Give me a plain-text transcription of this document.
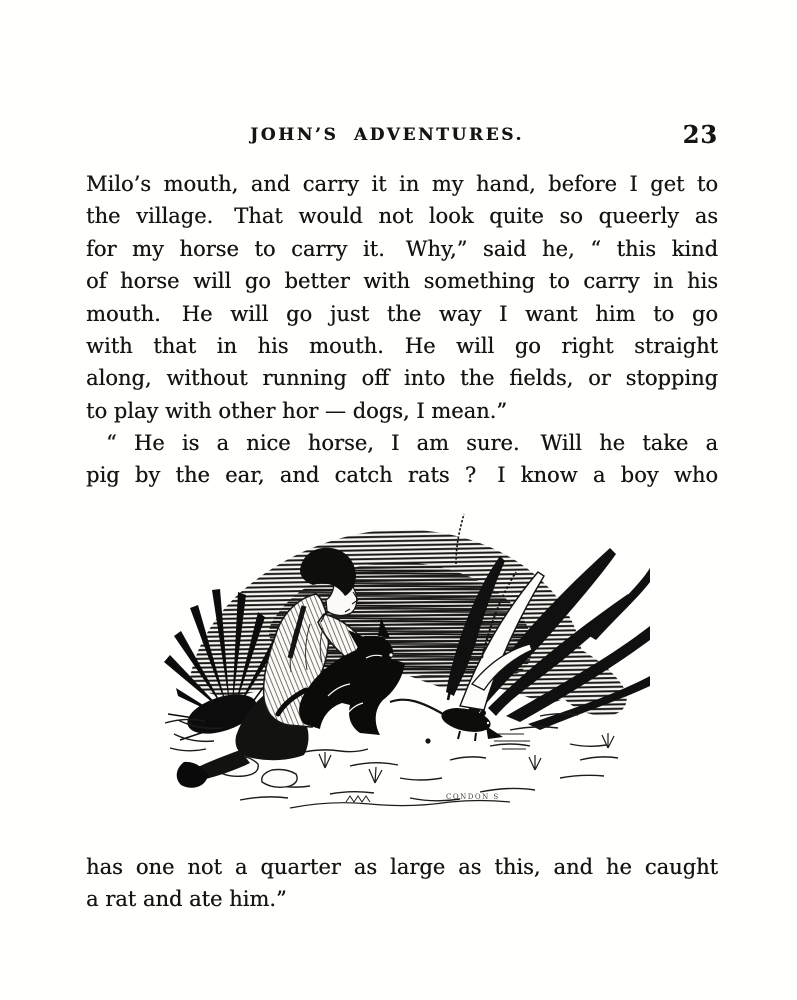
JOHN’S ADVENTURES.	23
Milo’s mouth, and carry it in my hand, before I get to
the village. That would not look quite so queerly as
for my horse to carry it. Why,” said he, “ this kind
of horse will go better with something to carry in his
mouth. He will go just the way I want him to go
with that in his mouth. He will go right straight
along, without running off into the fields, or stopping
to play with other hor — dogs, I mean.”
“ He is a nice horse, I am sure. Will he take a
pig by the ear, and catch rats ? I know a boy who
CONDON S
has one not a quarter as large as this, and he caught
a rat and ate him.”
